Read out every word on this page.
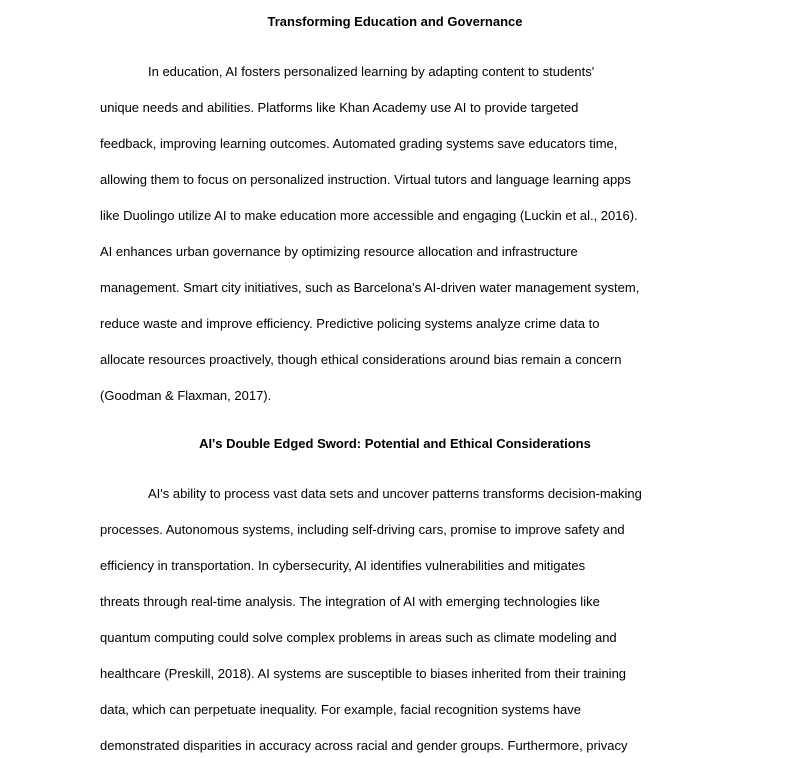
Transforming Education and Governance
In education, AI fosters personalized learning by adapting content to students'
unique needs and abilities. Platforms like Khan Academy use AI to provide targeted
feedback, improving learning outcomes. Automated grading systems save educators time,
allowing them to focus on personalized instruction. Virtual tutors and language learning apps
like Duolingo utilize AI to make education more accessible and engaging (Luckin et al., 2016).
AI enhances urban governance by optimizing resource allocation and infrastructure
management. Smart city initiatives, such as Barcelona's AI-driven water management system,
reduce waste and improve efficiency. Predictive policing systems analyze crime data to
allocate resources proactively, though ethical considerations around bias remain a concern
(Goodman & Flaxman, 2017).
AI's Double Edged Sword: Potential and Ethical Considerations
AI's ability to process vast data sets and uncover patterns transforms decision-making
processes. Autonomous systems, including self-driving cars, promise to improve safety and
efficiency in transportation. In cybersecurity, AI identifies vulnerabilities and mitigates
threats through real-time analysis. The integration of AI with emerging technologies like
quantum computing could solve complex problems in areas such as climate modeling and
healthcare (Preskill, 2018). AI systems are susceptible to biases inherited from their training
data, which can perpetuate inequality. For example, facial recognition systems have
demonstrated disparities in accuracy across racial and gender groups. Furthermore, privacy
